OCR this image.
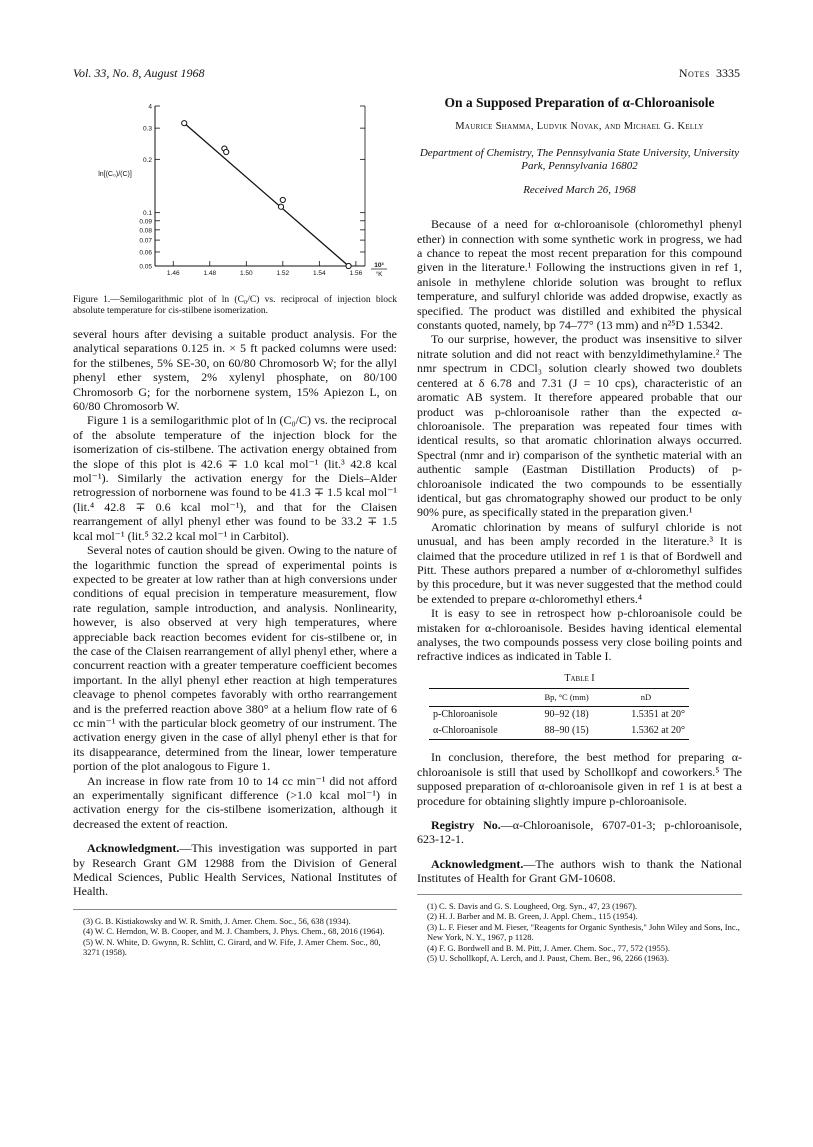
Vol. 33, No. 8, August 1968	Notes 3335
4
0.3
0.2
0.1
0.09
0.08
0.07
0.06
0.05
1.46	1.48	1.50	1.52	1.54	1.56
10³
°K
ln[(C₀)/(C)]
Figure 1.—Semilogarithmic plot of ln (C₀/C) vs. reciprocal of injection block absolute temperature for cis-stilbene isomerization.

several hours after devising a suitable product analysis. For the analytical separations 0.125 in. × 5 ft packed columns were used: for the stilbenes, 5% SE-30, on 60/80 Chromosorb W; for the allyl phenyl ether system, 2% xylenyl phosphate, on 80/100 Chromosorb G; for the norbornene system, 15% Apiezon L, on 60/80 Chromosorb W.

Figure 1 is a semilogarithmic plot of ln (C₀/C) vs. the reciprocal of the absolute temperature of the injection block for the isomerization of cis-stilbene. The activation energy obtained from the slope of this plot is 42.6 ∓ 1.0 kcal mol⁻¹ (lit.³ 42.8 kcal mol⁻¹). Similarly the activation energy for the Diels–Alder retrogression of norbornene was found to be 41.3 ∓ 1.5 kcal mol⁻¹ (lit.⁴ 42.8 ∓ 0.6 kcal mol⁻¹), and that for the Claisen rearrangement of allyl phenyl ether was found to be 33.2 ∓ 1.5 kcal mol⁻¹ (lit.⁵ 32.2 kcal mol⁻¹ in Carbitol).

Several notes of caution should be given. Owing to the nature of the logarithmic function the spread of experimental points is expected to be greater at low rather than at high conversions under conditions of equal precision in temperature measurement, flow rate regulation, sample introduction, and analysis. Nonlinearity, however, is also observed at very high temperatures, where appreciable back reaction becomes evident for cis-stilbene or, in the case of the Claisen rearrangement of allyl phenyl ether, where a concurrent reaction with a greater temperature coefficient becomes important. In the allyl phenyl ether reaction at high temperatures cleavage to phenol competes favorably with ortho rearrangement and is the preferred reaction above 380° at a helium flow rate of 6 cc min⁻¹ with the particular block geometry of our instrument. The activation energy given in the case of allyl phenyl ether is that for its disappearance, determined from the linear, lower temperature portion of the plot analogous to Figure 1.

An increase in flow rate from 10 to 14 cc min⁻¹ did not afford an experimentally significant difference (>1.0 kcal mol⁻¹) in activation energy for the cis-stilbene isomerization, although it decreased the extent of reaction.

Acknowledgment.—This investigation was supported in part by Research Grant GM 12988 from the Division of General Medical Sciences, Public Health Services, National Institutes of Health.

(3) G. B. Kistiakowsky and W. R. Smith, J. Amer. Chem. Soc., 56, 638 (1934).
(4) W. C. Herndon, W. B. Cooper, and M. J. Chambers, J. Phys. Chem., 68, 2016 (1964).
(5) W. N. White, D. Gwynn, R. Schlitt, C. Girard, and W. Fife, J. Amer Chem. Soc., 80, 3271 (1958).
On a Supposed Preparation of α-Chloroanisole
Maurice Shamma, Ludvik Novak, and Michael G. Kelly
Department of Chemistry, The Pennsylvania State University, University Park, Pennsylvania 16802
Received March 26, 1968

Because of a need for α-chloroanisole (chloromethyl phenyl ether) in connection with some synthetic work in progress, we had a chance to repeat the most recent preparation for this compound given in the literature.¹ Following the instructions given in ref 1, anisole in methylene chloride solution was brought to reflux temperature, and sulfuryl chloride was added dropwise, exactly as specified. The product was distilled and exhibited the physical constants quoted, namely, bp 74–77° (13 mm) and n²⁵D 1.5342.

To our surprise, however, the product was insensitive to silver nitrate solution and did not react with benzyldimethylamine.² The nmr spectrum in CDCl₃ solution clearly showed two doublets centered at δ 6.78 and 7.31 (J = 10 cps), characteristic of an aromatic AB system. It therefore appeared probable that our product was p-chloroanisole rather than the expected α-chloroanisole. The preparation was repeated four times with identical results, so that aromatic chlorination always occurred. Spectral (nmr and ir) comparison of the synthetic material with an authentic sample (Eastman Distillation Products) of p-chloroanisole indicated the two compounds to be essentially identical, but gas chromatography showed our product to be only 90% pure, as specifically stated in the preparation given.¹

Aromatic chlorination by means of sulfuryl chloride is not unusual, and has been amply recorded in the literature.³ It is claimed that the procedure utilized in ref 1 is that of Bordwell and Pitt. These authors prepared a number of α-chloromethyl sulfides by this procedure, but it was never suggested that the method could be extended to prepare α-chloromethyl ethers.⁴

It is easy to see in retrospect how p-chloroanisole could be mistaken for α-chloroanisole. Besides having identical elemental analyses, the two compounds possess very close boiling points and refractive indices as indicated in Table I.

Table I
	Bp, °C (mm)	nD
p-Chloroanisole	90–92 (18)	1.5351 at 20°
α-Chloroanisole	88–90 (15)	1.5362 at 20°

In conclusion, therefore, the best method for preparing α-chloroanisole is still that used by Schollkopf and coworkers.⁵ The supposed preparation of α-chloroanisole given in ref 1 is at best a procedure for obtaining slightly impure p-chloroanisole.

Registry No.—α-Chloroanisole, 6707-01-3; p-chloroanisole, 623-12-1.

Acknowledgment.—The authors wish to thank the National Institutes of Health for Grant GM-10608.

(1) C. S. Davis and G. S. Lougheed, Org. Syn., 47, 23 (1967).
(2) H. J. Barber and M. B. Green, J. Appl. Chem., 115 (1954).
(3) L. F. Fieser and M. Fieser, "Reagents for Organic Synthesis," John Wiley and Sons, Inc., New York, N. Y., 1967, p 1128.
(4) F. G. Bordwell and B. M. Pitt, J. Amer. Chem. Soc., 77, 572 (1955).
(5) U. Schollkopf, A. Lerch, and J. Paust, Chem. Ber., 96, 2266 (1963).
